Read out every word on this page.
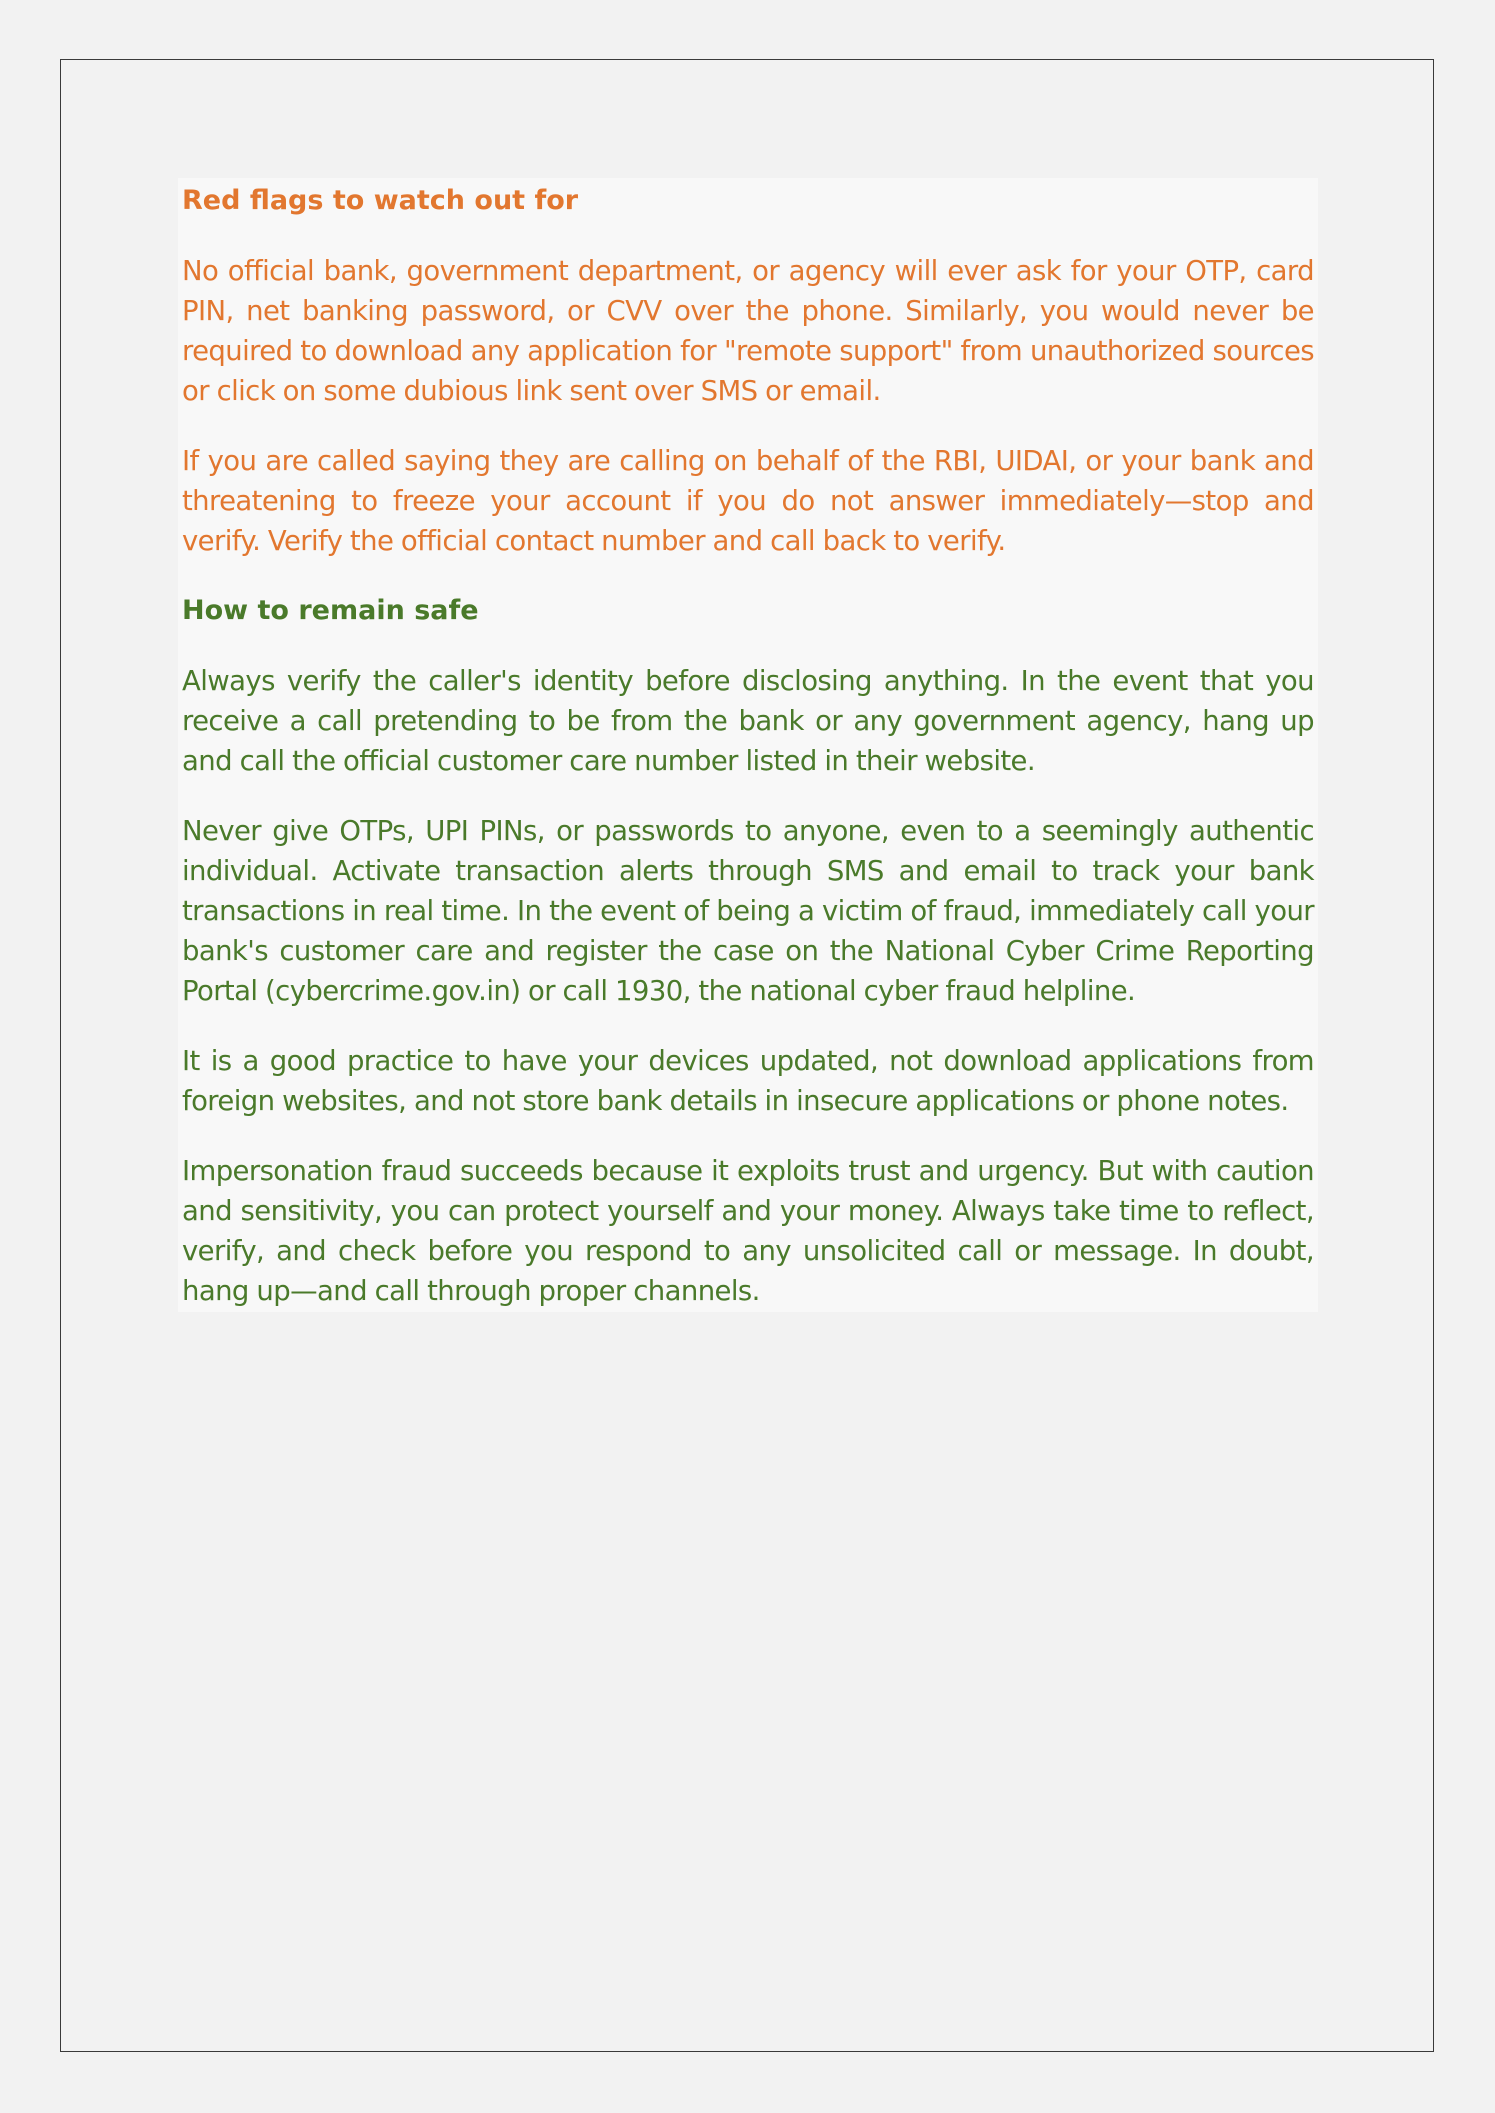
Red flags to watch out for

No official bank, government department, or agency will ever ask for your OTP, card PIN, net banking password, or CVV over the phone. Similarly, you would never be required to download any application for "remote support" from unauthorized sources or click on some dubious link sent over SMS or email.

If you are called saying they are calling on behalf of the RBI, UIDAI, or your bank and threatening to freeze your account if you do not answer immediately—stop and verify. Verify the official contact number and call back to verify.

How to remain safe

Always verify the caller's identity before disclosing anything. In the event that you receive a call pretending to be from the bank or any government agency, hang up and call the official customer care number listed in their website.

Never give OTPs, UPI PINs, or passwords to anyone, even to a seemingly authentic individual. Activate transaction alerts through SMS and email to track your bank transactions in real time. In the event of being a victim of fraud, immediately call your bank's customer care and register the case on the National Cyber Crime Reporting Portal (cybercrime.gov.in) or call 1930, the national cyber fraud helpline.

It is a good practice to have your devices updated, not download applications from foreign websites, and not store bank details in insecure applications or phone notes.

Impersonation fraud succeeds because it exploits trust and urgency. But with caution and sensitivity, you can protect yourself and your money. Always take time to reflect, verify, and check before you respond to any unsolicited call or message. In doubt, hang up—and call through proper channels.
